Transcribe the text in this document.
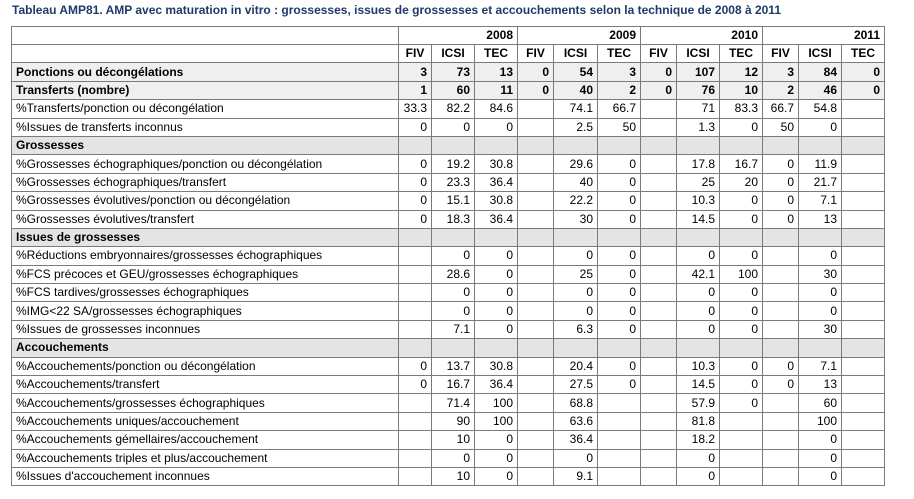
Tableau AMP81. AMP avec maturation in vitro : grossesses, issues de grossesses et accouchements selon la technique de 2008 à 2011
	2008			2009			2010			2011		
	FIV	ICSI	TEC	FIV	ICSI	TEC	FIV	ICSI	TEC	FIV	ICSI	TEC
Ponctions ou décongélations	3	73	13	0	54	3	0	107	12	3	84	0
Transferts (nombre)	1	60	11	0	40	2	0	76	10	2	46	0
%Transferts/ponction ou décongélation	33.3	82.2	84.6		74.1	66.7		71	83.3	66.7	54.8	
%Issues de transferts inconnus	0	0	0		2.5	50		1.3	0	50	0	
Grossesses												
%Grossesses échographiques/ponction ou décongélation	0	19.2	30.8		29.6	0		17.8	16.7	0	11.9	
%Grossesses échographiques/transfert	0	23.3	36.4		40	0		25	20	0	21.7	
%Grossesses évolutives/ponction ou décongélation	0	15.1	30.8		22.2	0		10.3	0	0	7.1	
%Grossesses évolutives/transfert	0	18.3	36.4		30	0		14.5	0	0	13	
Issues de grossesses												
%Réductions embryonnaires/grossesses échographiques		0	0		0	0		0	0		0	
%FCS précoces et GEU/grossesses échographiques		28.6	0		25	0		42.1	100		30	
%FCS tardives/grossesses échographiques		0	0		0	0		0	0		0	
%IMG<22 SA/grossesses échographiques		0	0		0	0		0	0		0	
%Issues de grossesses inconnues		7.1	0		6.3	0		0	0		30	
Accouchements												
%Accouchements/ponction ou décongélation	0	13.7	30.8		20.4	0		10.3	0	0	7.1	
%Accouchements/transfert	0	16.7	36.4		27.5	0		14.5	0	0	13	
%Accouchements/grossesses échographiques		71.4	100		68.8			57.9	0		60	
%Accouchements uniques/accouchement		90	100		63.6			81.8			100	
%Accouchements gémellaires/accouchement		10	0		36.4			18.2			0	
%Accouchements triples et plus/accouchement		0	0		0			0			0	
%Issues d'accouchement inconnues		10	0		9.1			0			0	
